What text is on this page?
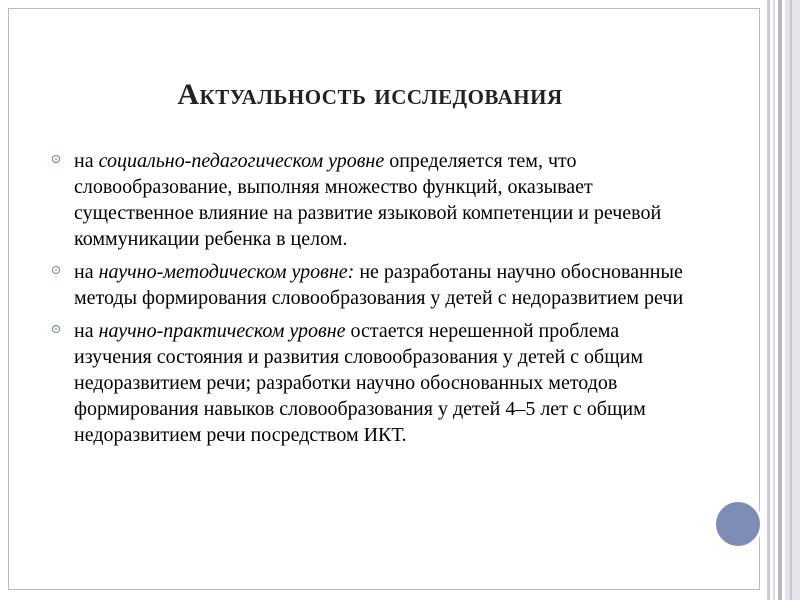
Актуальность исследования
на социально-педагогическом уровне определяется тем, что словообразование, выполняя множество функций, оказывает существенное влияние на развитие языковой компетенции и речевой коммуникации ребенка в целом.
на научно-методическом уровне: не разработаны научно обоснованные методы формирования словообразования у детей с недоразвитием речи
на научно-практическом уровне остается нерешенной проблема изучения состояния и развития словообразования у детей с общим недоразвитием речи; разработки научно обоснованных методов формирования навыков словообразования у детей 4–5 лет с общим недоразвитием речи посредством ИКТ.
